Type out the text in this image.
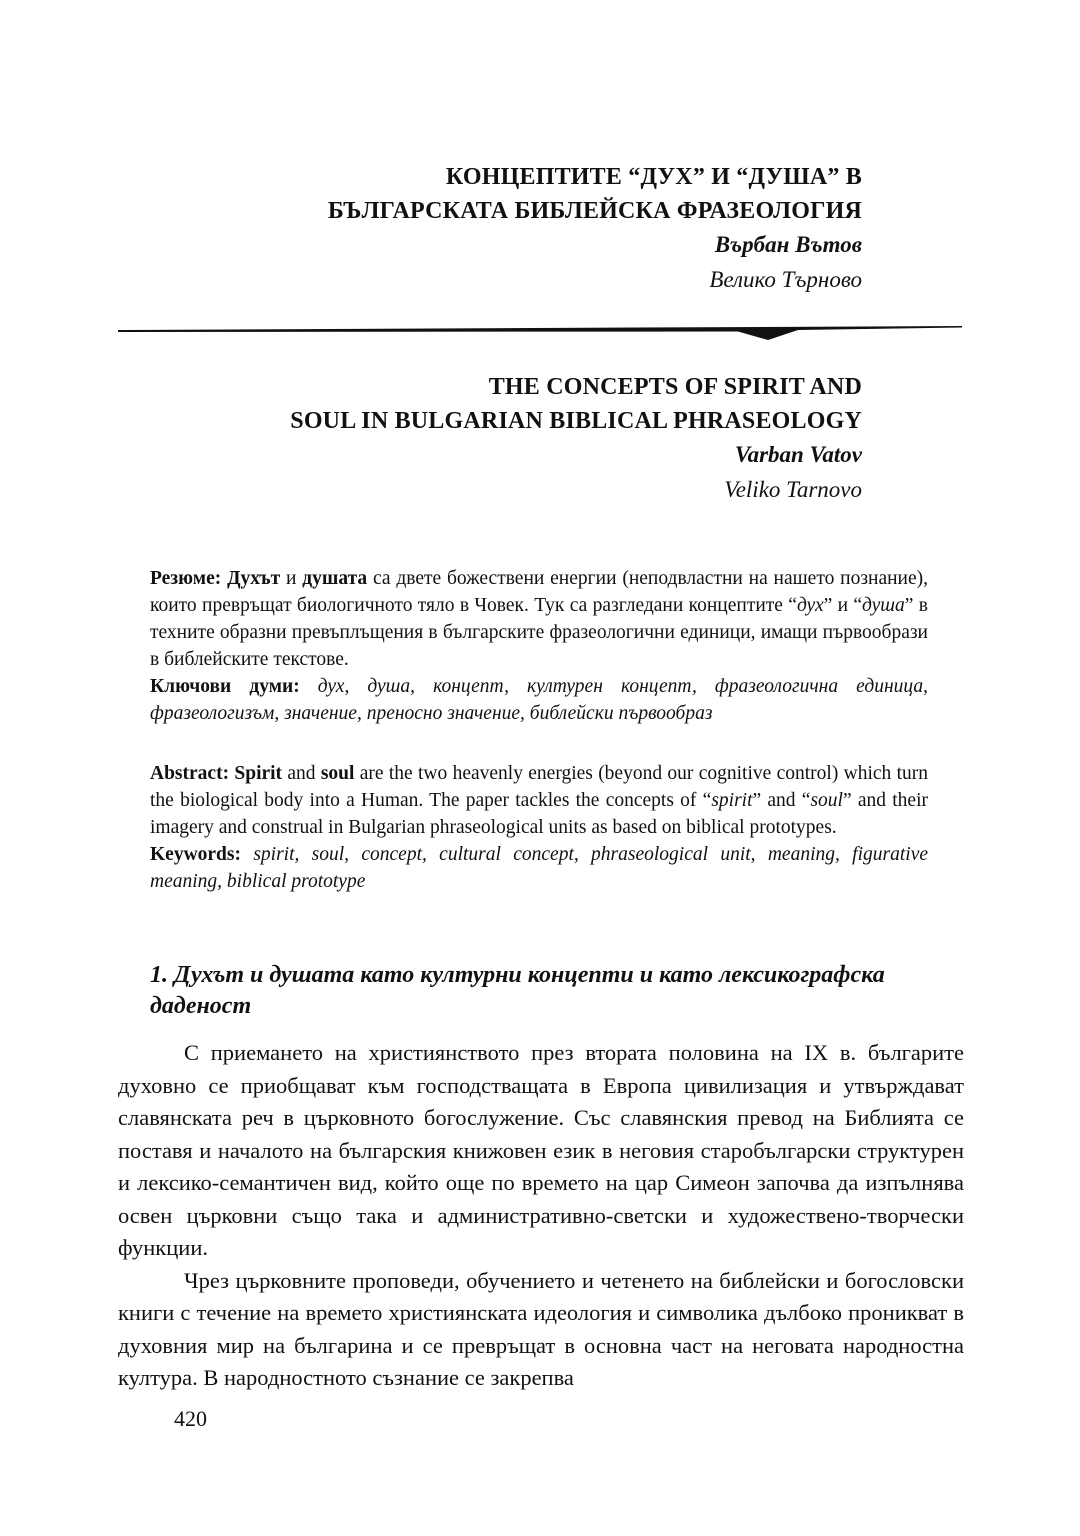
КОНЦЕПТИТЕ “ДУХ” И “ДУША” В
БЪЛГАРСКАТА БИБЛЕЙСКА ФРАЗЕОЛОГИЯ
Върбан Вътов
Велико Търново
THE CONCEPTS OF SPIRIT AND
SOUL IN BULGARIAN BIBLICAL PHRASEOLOGY
Varban Vatov
Veliko Tarnovo

Резюме: Духът и душата са двете божествени енергии (неподвластни на нашето познание), които превръщат биологичното тяло в Човек. Тук са разгледани концептите “дух” и “душа” в техните образни превъплъщения в българските фразеологични единици, имащи първообрази в библейските текстове.

Ключови думи: дух, душа, концепт, културен концепт, фразеологична единица, фразеологизъм, значение, преносно значение, библейски първообраз

Abstract: Spirit and soul are the two heavenly energies (beyond our cognitive control) which turn the biological body into a Human. The paper tackles the concepts of “spirit” and “soul” and their imagery and construal in Bulgarian phraseological units as based on biblical prototypes.

Keywords: spirit, soul, concept, cultural concept, phraseological unit, meaning, figurative meaning, biblical prototype

1. Духът и душата като културни концепти и като лексикографска даденост

С приемането на християнството през втората половина на IX в. българите духовно се приобщават към господстващата в Европа цивилизация и утвърждават славянската реч в църковното богослужение. Със славянския превод на Библията се поставя и началото на българския книжовен език в неговия старобългарски структурен и лексико-семантичен вид, който още по времето на цар Симеон започва да изпълнява освен църковни също така и административно-светски и художествено-творчески функции.

Чрез църковните проповеди, обучението и четенето на библейски и богословски книги с течение на времето християнската идеология и символика дълбоко проникват в духовния мир на българина и се превръщат в основна част на неговата народностна култура. В народностното съзнание се закрепва

420
